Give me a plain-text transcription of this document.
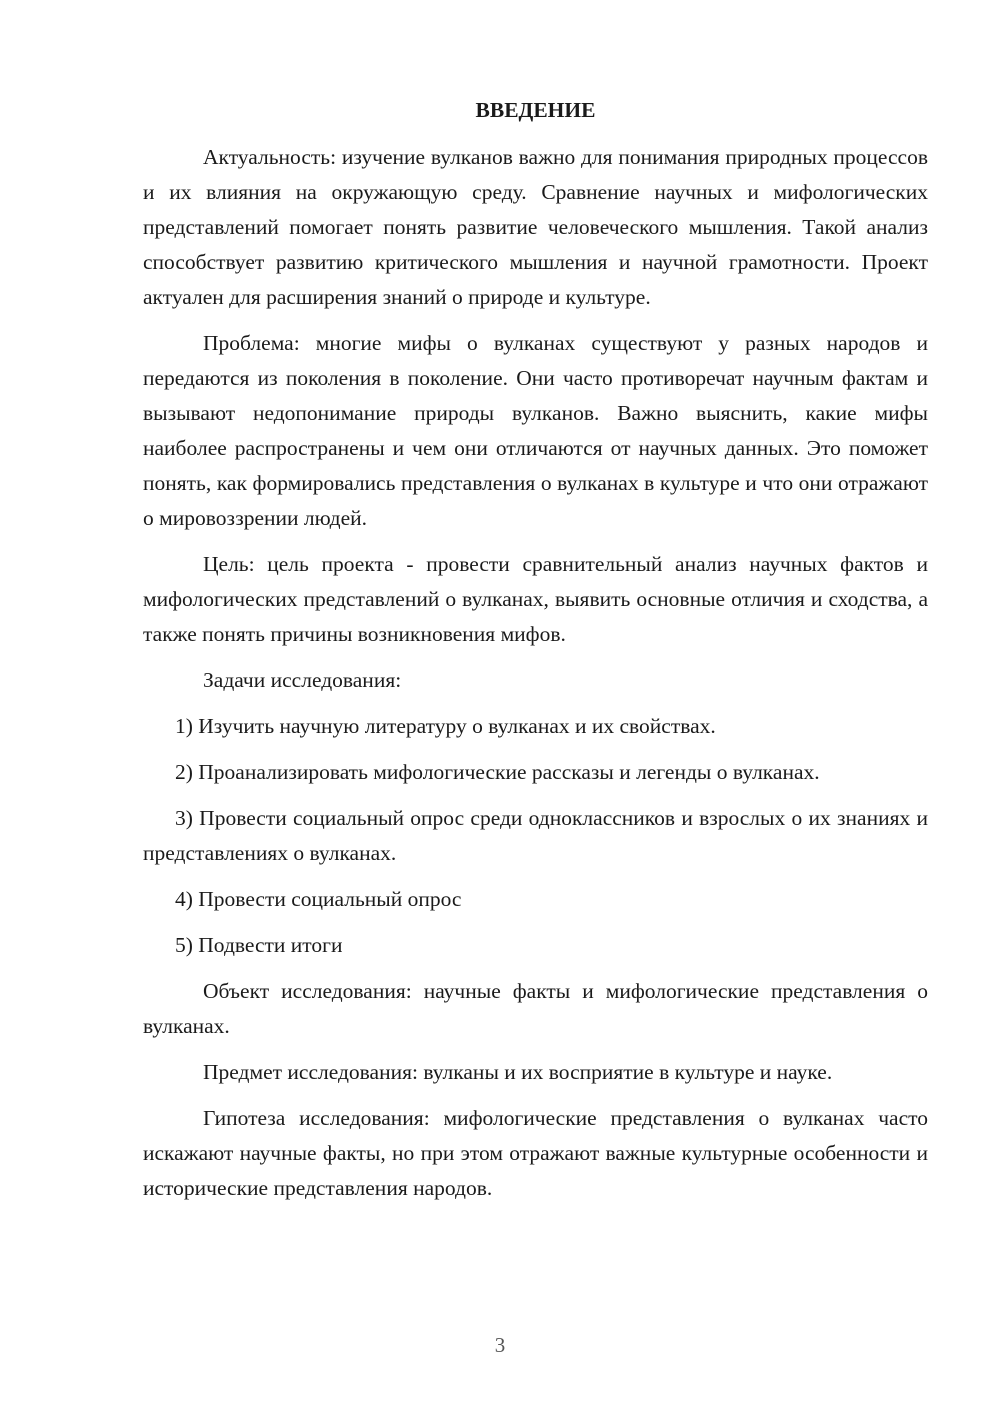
ВВЕДЕНИЕ

Актуальность: изучение вулканов важно для понимания природных процессов и их влияния на окружающую среду. Сравнение научных и мифологических представлений помогает понять развитие человеческого мышления. Такой анализ способствует развитию критического мышления и научной грамотности. Проект актуален для расширения знаний о природе и культуре.

Проблема: многие мифы о вулканах существуют у разных народов и передаются из поколения в поколение. Они часто противоречат научным фактам и вызывают недопонимание природы вулканов. Важно выяснить, какие мифы наиболее распространены и чем они отличаются от научных данных. Это поможет понять, как формировались представления о вулканах в культуре и что они отражают о мировоззрении людей.

Цель: цель проекта - провести сравнительный анализ научных фактов и мифологических представлений о вулканах, выявить основные отличия и сходства, а также понять причины возникновения мифов.

Задачи исследования:

1) Изучить научную литературу о вулканах и их свойствах.

2) Проанализировать мифологические рассказы и легенды о вулканах.

3) Провести социальный опрос среди одноклассников и взрослых о их знаниях и представлениях о вулканах.

4) Провести социальный опрос

5) Подвести итоги

Объект исследования: научные факты и мифологические представления о вулканах.

Предмет исследования: вулканы и их восприятие в культуре и науке.

Гипотеза исследования: мифологические представления о вулканах часто искажают научные факты, но при этом отражают важные культурные особенности и исторические представления народов.

3
